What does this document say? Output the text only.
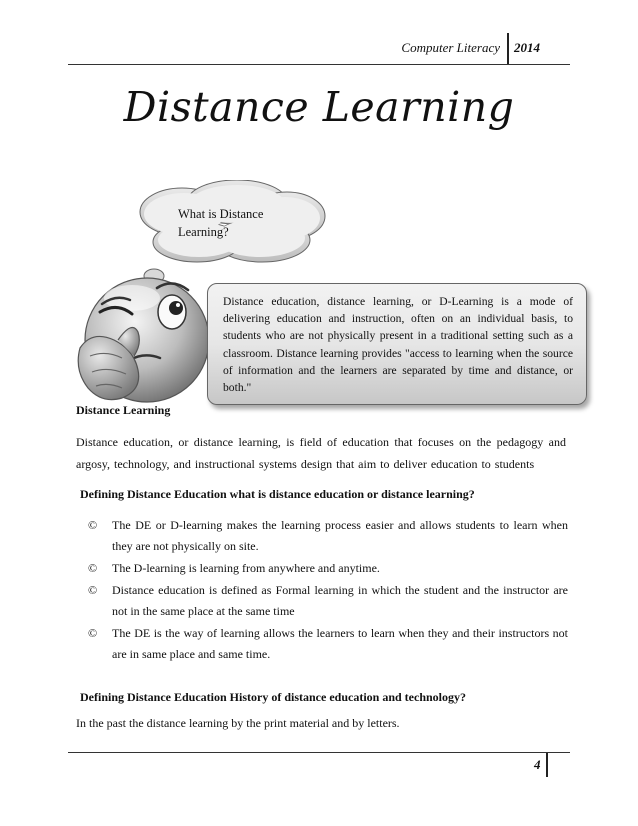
Computer Literacy 2014
Distance Learning
What is Distance Learning?
Distance education, distance learning, or D-Learning is a mode of delivering education and instruction, often on an individual basis, to students who are not physically present in a traditional setting such as a classroom. Distance learning provides "access to learning when the source of information and the learners are separated by time and distance, or both."
Distance Learning
Distance education, or distance learning, is field of education that focuses on the pedagogy and argosy, technology, and instructional systems design that aim to deliver education to students
Defining Distance Education what is distance education or distance learning?
© The DE or D-learning makes the learning process easier and allows students to learn when they are not physically on site.
© The D-learning is learning from anywhere and anytime.
© Distance education is defined as Formal learning in which the student and the instructor are not in the same place at the same time
© The DE is the way of learning allows the learners to learn when they and their instructors not are in same place and same time.
Defining Distance Education History of distance education and technology?
In the past the distance learning by the print material and by letters.
4
